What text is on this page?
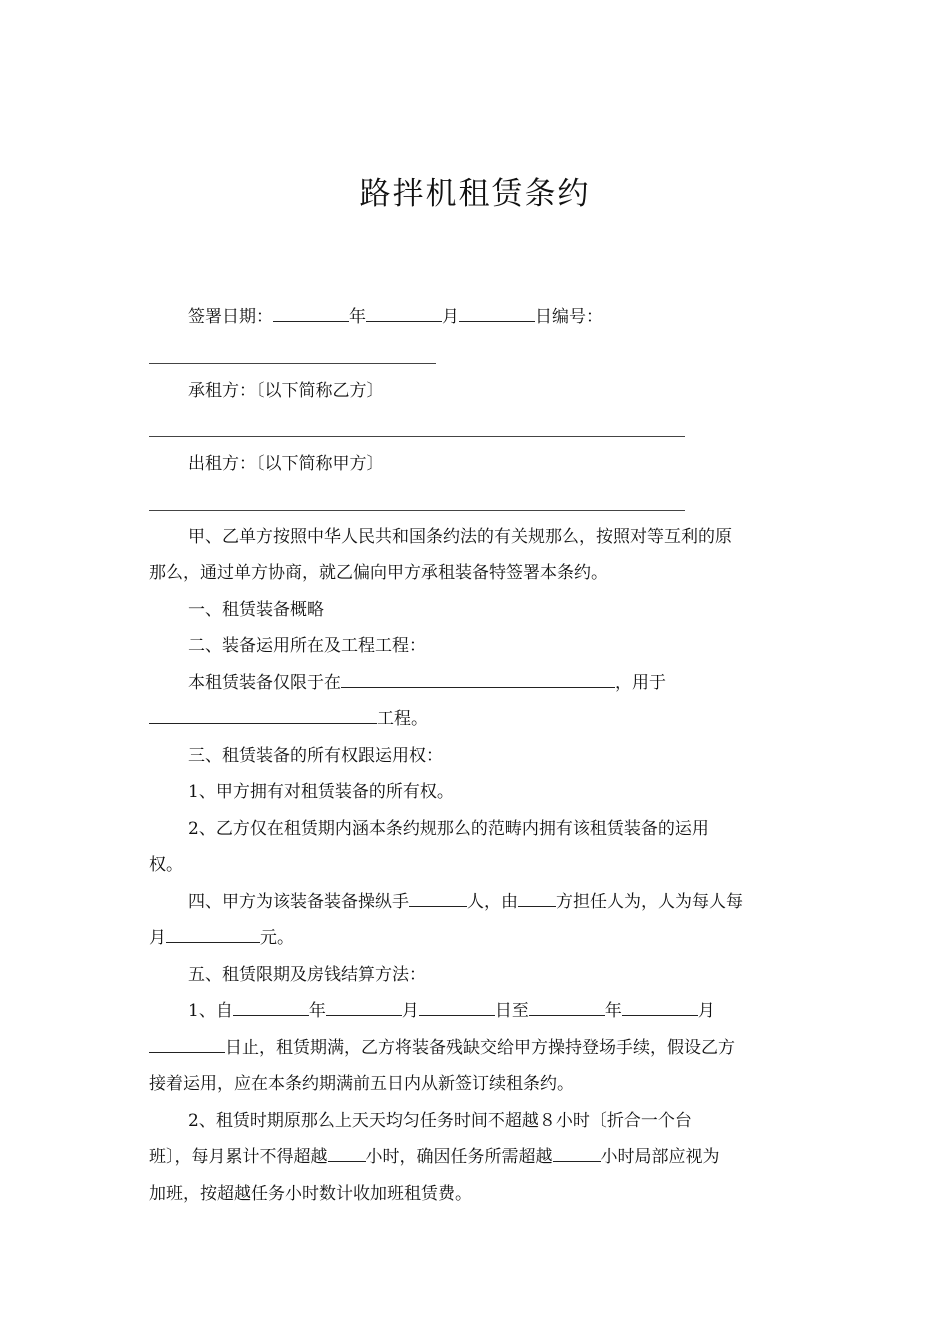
路拌机租赁条约
签署日期：	年	月	日编号：
承租方：〔以下简称乙方〕
出租方：〔以下简称甲方〕
甲、乙单方按照中华人民共和国条约法的有关规那么，按照对等互利的原
那么，通过单方协商，就乙偏向甲方承租装备特签署本条约。
一、租赁装备概略
二、装备运用所在及工程工程：
本租赁装备仅限于在	，用于
工程。
三、租赁装备的所有权跟运用权：
1、甲方拥有对租赁装备的所有权。
2、乙方仅在租赁期内涵本条约规那么的范畴内拥有该租赁装备的运用
权。
四、甲方为该装备装备操纵手	人，由 方担任人为，人为每人每
月	元。
五、租赁限期及房钱结算方法：
1、自	年	月	日至	年	月
日止，租赁期满，乙方将装备残缺交给甲方操持登场手续，假设乙方
接着运用，应在本条约期满前五日内从新签订续租条约。
2、租赁时期原那么上天天均匀任务时间不超越８小时〔折合一个台
班〕，每月累计不得超越 小时，确因任务所需超越	小时局部应视为
加班，按超越任务小时数计收加班租赁费。
